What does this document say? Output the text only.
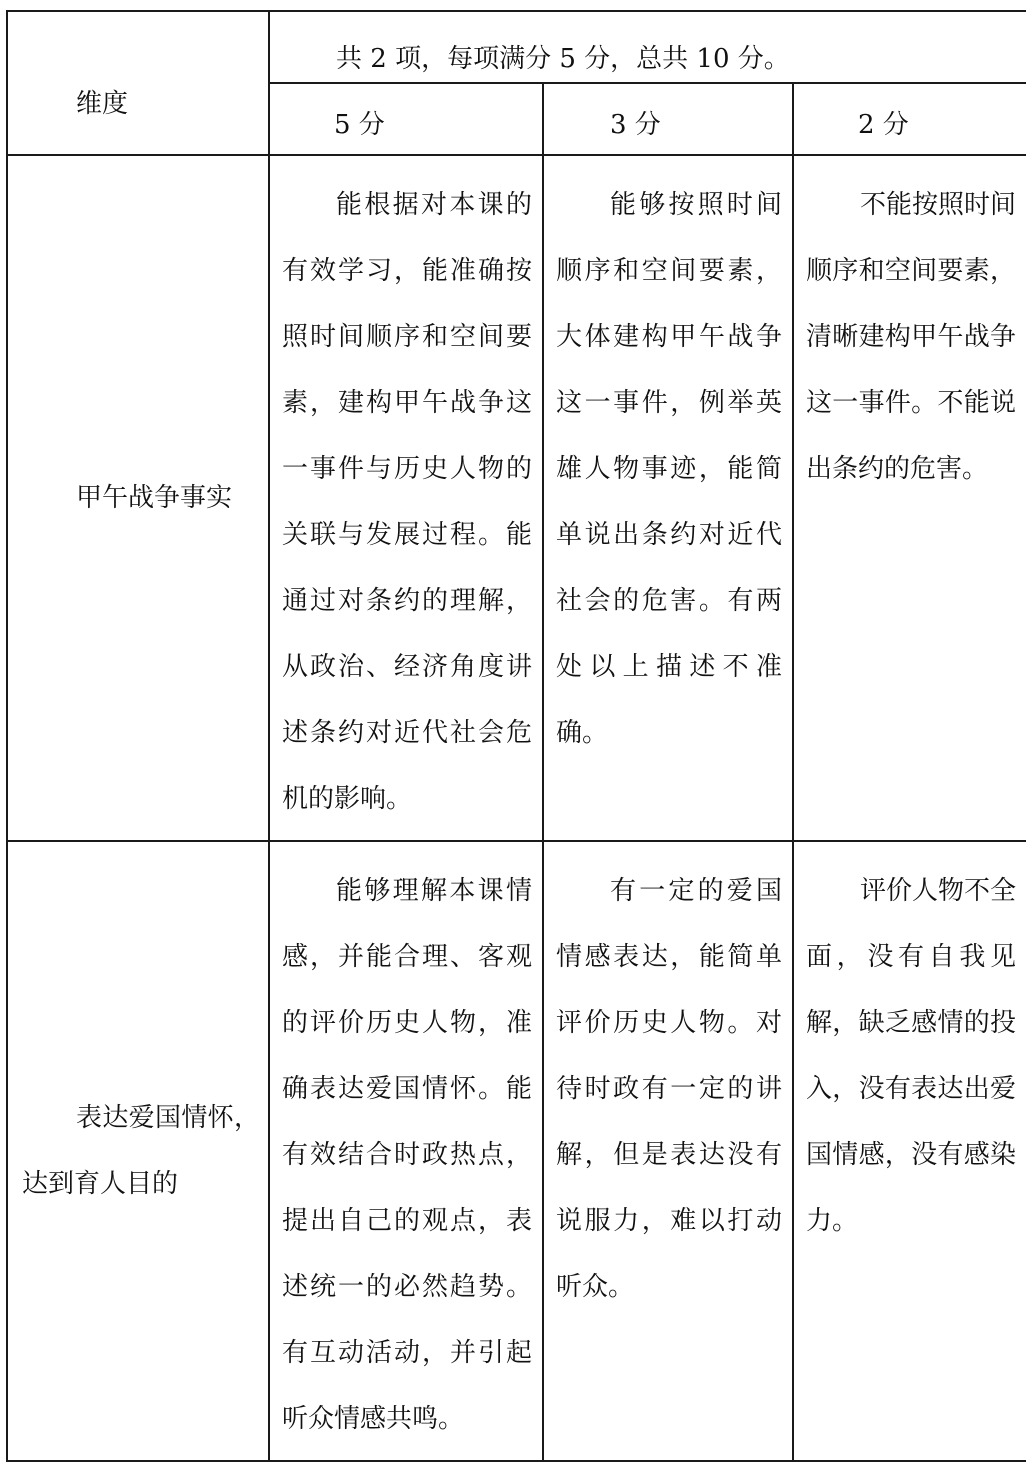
维度	共 2 项，每项满分 5 分，总共 10 分。		

	5 分	3 分	2 分

甲午战争事实	能根据对本课的有效学习，能准确按照时间顺序和空间要素，建构甲午战争这一事件与历史人物的关联与发展过程。能通过对条约的理解，从政治、经济角度讲述条约对近代社会危机的影响。	能够按照时间顺序和空间要素，大体建构甲午战争这一事件，例举英雄人物事迹，能简单说出条约对近代社会的危害。有两处以上描述不准确。	不能按照时间顺序和空间要素，清晰建构甲午战争这一事件。不能说出条约的危害。

表达爱国情怀，达到育人目的	能够理解本课情感，并能合理、客观的评价历史人物，准确表达爱国情怀。能有效结合时政热点，提出自己的观点，表述统一的必然趋势。有互动活动，并引起听众情感共鸣。	有一定的爱国情感表达，能简单评价历史人物。对待时政有一定的讲解，但是表达没有说服力，难以打动听众。	评价人物不全面，没有自我见解，缺乏感情的投入，没有表达出爱国情感，没有感染力。
